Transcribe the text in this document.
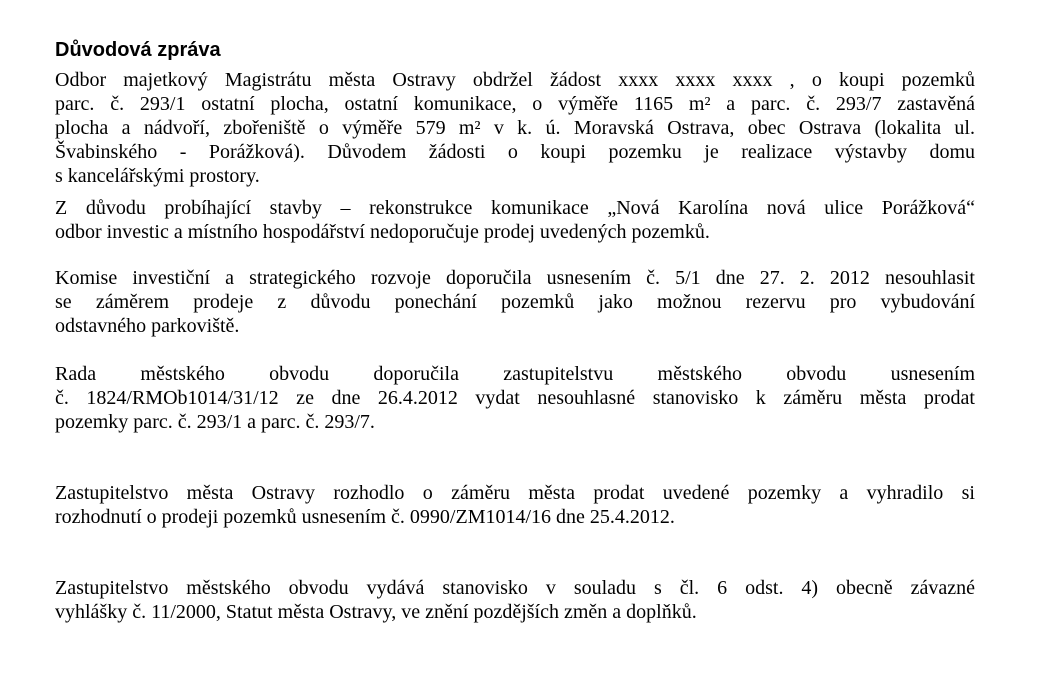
Důvodová zpráva
Odbor majetkový Magistrátu města Ostravy obdržel žádost xxxx xxxx xxxx , o koupi pozemků
parc. č. 293/1 ostatní plocha, ostatní komunikace, o výměře 1165 m² a parc. č. 293/7 zastavěná
plocha a nádvoří, zbořeniště o výměře 579 m² v k. ú. Moravská Ostrava, obec Ostrava (lokalita ul.
Švabinského - Porážková). Důvodem žádosti o koupi pozemku je realizace výstavby domu
s kancelářskými prostory.
Z důvodu probíhající stavby – rekonstrukce komunikace „Nová Karolína nová ulice Porážková“
odbor investic a místního hospodářství nedoporučuje prodej uvedených pozemků.
Komise investiční a strategického rozvoje doporučila usnesením č. 5/1 dne 27. 2. 2012 nesouhlasit
se záměrem prodeje z důvodu ponechání pozemků jako možnou rezervu pro vybudování
odstavného parkoviště.
Rada městského obvodu doporučila zastupitelstvu městského obvodu usnesením
č. 1824/RMOb1014/31/12 ze dne 26.4.2012 vydat nesouhlasné stanovisko k záměru města prodat
pozemky parc. č. 293/1 a parc. č. 293/7.
Zastupitelstvo města Ostravy rozhodlo o záměru města prodat uvedené pozemky a vyhradilo si
rozhodnutí o prodeji pozemků usnesením č. 0990/ZM1014/16 dne 25.4.2012.
Zastupitelstvo městského obvodu vydává stanovisko v souladu s čl. 6 odst. 4) obecně závazné
vyhlášky č. 11/2000, Statut města Ostravy, ve znění pozdějších změn a doplňků.
